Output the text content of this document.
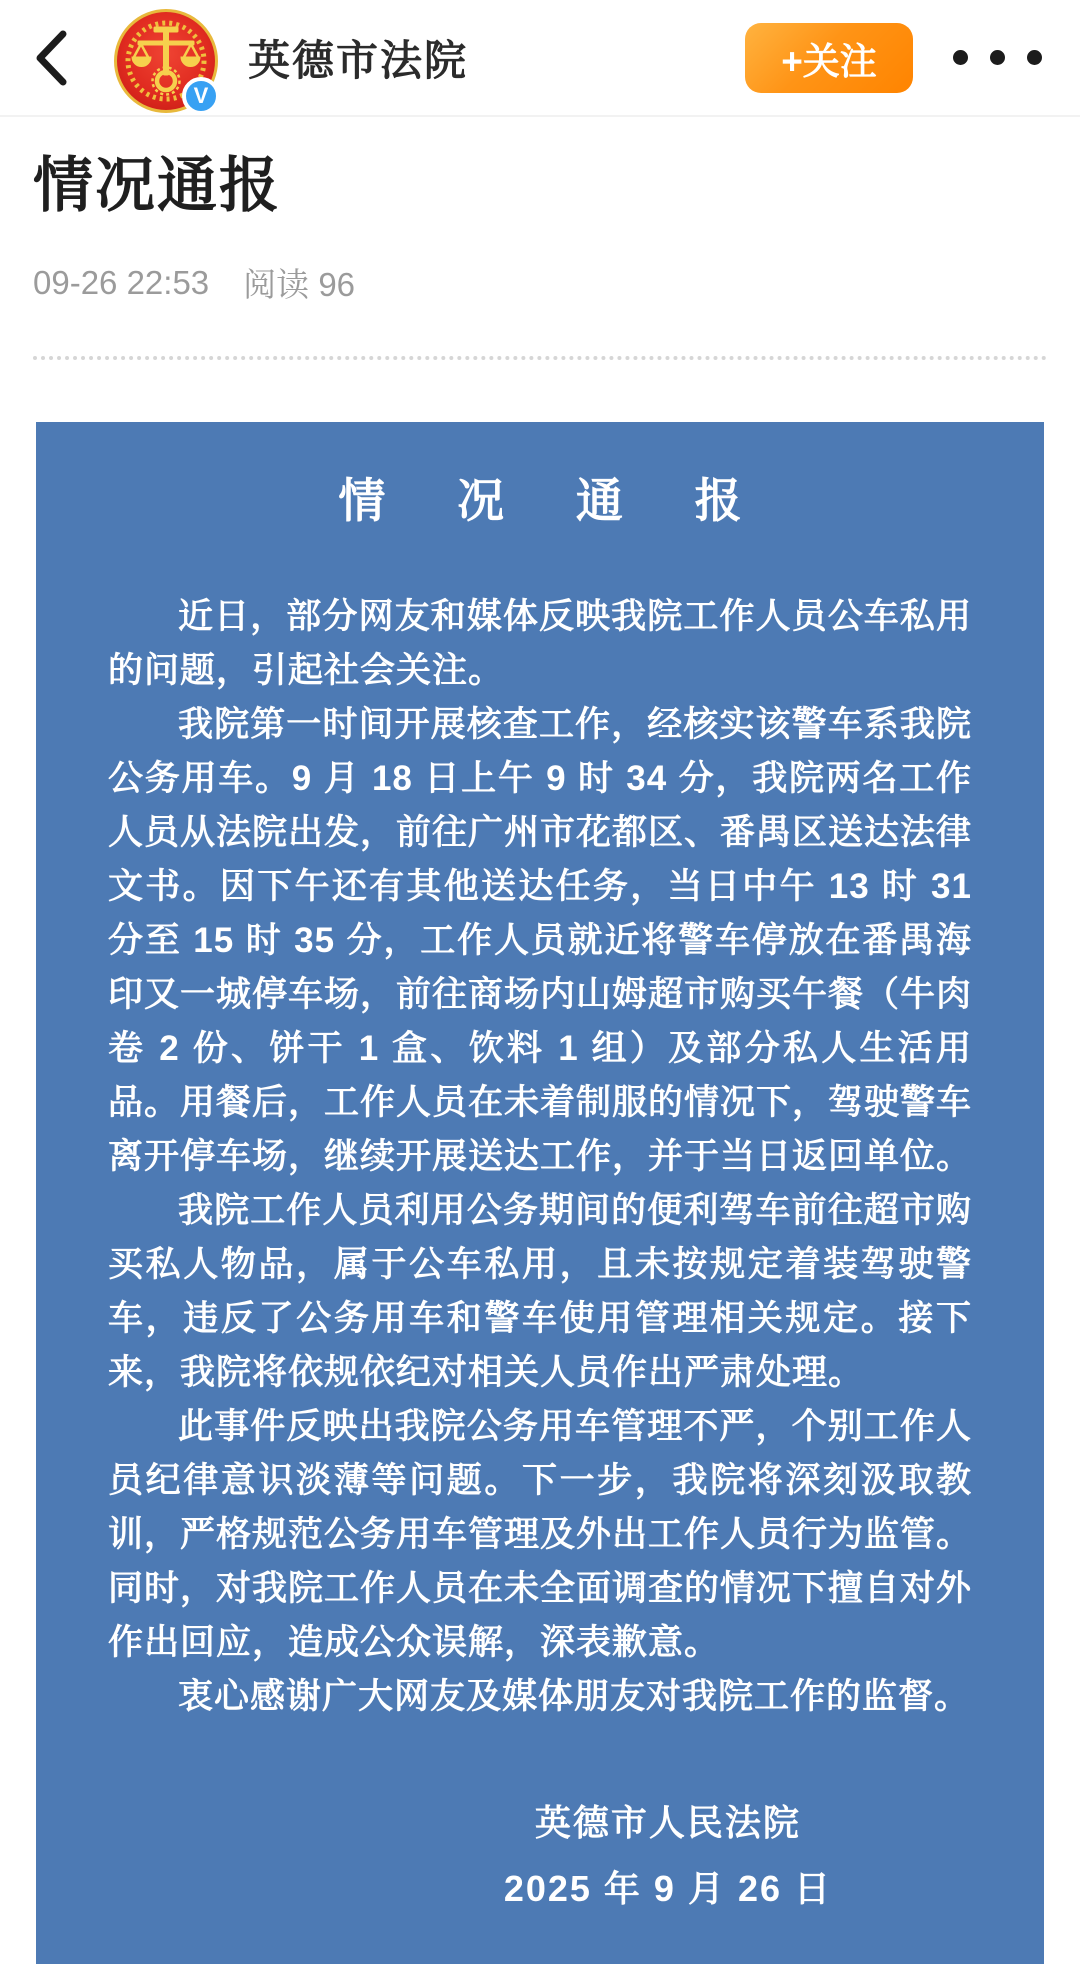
V
英德市法院	+关注
情况通报
09-26 22:53 阅读 96
情 况 通 报

近日，部分网友和媒体反映我院工作人员公车私用的问题，引起社会关注。

我院第一时间开展核查工作，经核实该警车系我院公务用车。9 月 18 日上午 9 时 34 分，我院两名工作人员从法院出发，前往广州市花都区、番禺区送达法律文书。因下午还有其他送达任务，当日中午 13 时 31 分至 15 时 35 分，工作人员就近将警车停放在番禺海印又一城停车场，前往商场内山姆超市购买午餐（牛肉卷 2 份、饼干 1 盒、饮料 1 组）及部分私人生活用品。用餐后，工作人员在未着制服的情况下，驾驶警车离开停车场，继续开展送达工作，并于当日返回单位。

我院工作人员利用公务期间的便利驾车前往超市购买私人物品，属于公车私用，且未按规定着装驾驶警车，违反了公务用车和警车使用管理相关规定。接下来，我院将依规依纪对相关人员作出严肃处理。

此事件反映出我院公务用车管理不严，个别工作人员纪律意识淡薄等问题。下一步，我院将深刻汲取教训，严格规范公务用车管理及外出工作人员行为监管。同时，对我院工作人员在未全面调查的情况下擅自对外作出回应，造成公众误解，深表歉意。

衷心感谢广大网友及媒体朋友对我院工作的监督。

英德市人民法院
2025 年 9 月 26 日
